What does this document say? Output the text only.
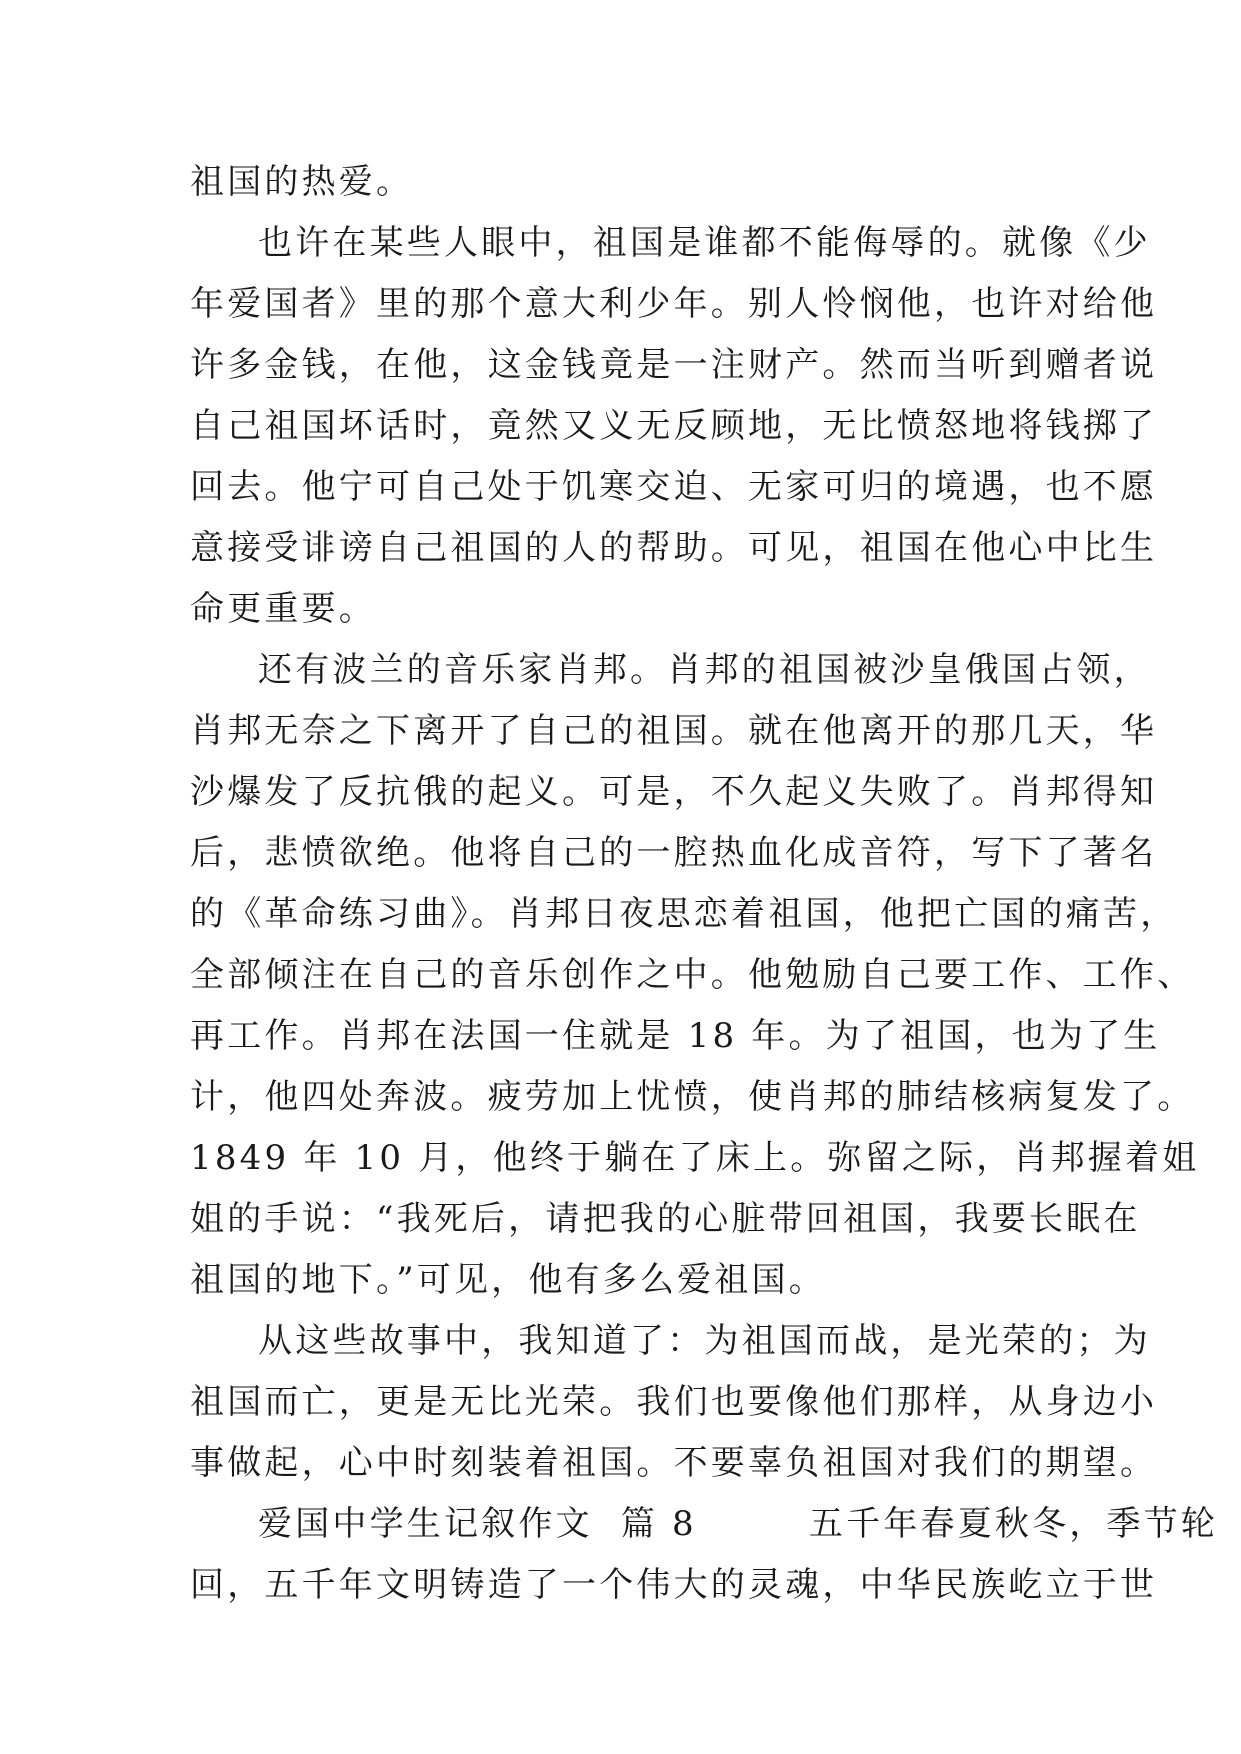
祖国的热爱。
也许在某些人眼中，祖国是谁都不能侮辱的。就像《少
年爱国者》里的那个意大利少年。别人怜悯他，也许对给他
许多金钱，在他，这金钱竟是一注财产。然而当听到赠者说
自己祖国坏话时，竟然又义无反顾地，无比愤怒地将钱掷了
回去。他宁可自己处于饥寒交迫、无家可归的境遇，也不愿
意接受诽谤自己祖国的人的帮助。可见，祖国在他心中比生
命更重要。
还有波兰的音乐家肖邦。肖邦的祖国被沙皇俄国占领，
肖邦无奈之下离开了自己的祖国。就在他离开的那几天，华
沙爆发了反抗俄的起义。可是，不久起义失败了。肖邦得知
后，悲愤欲绝。他将自己的一腔热血化成音符，写下了著名
的《革命练习曲》。肖邦日夜思恋着祖国，他把亡国的痛苦，
全部倾注在自己的音乐创作之中。他勉励自己要工作、工作、
再工作。肖邦在法国一住就是 18 年。为了祖国，也为了生
计，他四处奔波。疲劳加上忧愤，使肖邦的肺结核病复发了。
1849 年 10 月，他终于躺在了床上。弥留之际，肖邦握着姐
姐的手说：“我死后，请把我的心脏带回祖国，我要长眠在
祖国的地下。”可见，他有多么爱祖国。
从这些故事中，我知道了：为祖国而战，是光荣的；为
祖国而亡，更是无比光荣。我们也要像他们那样，从身边小
事做起，心中时刻装着祖国。不要辜负祖国对我们的期望。
爱国中学生记叙作文  篇 8        五千年春夏秋冬，季节轮
回，五千年文明铸造了一个伟大的灵魂，中华民族屹立于世
